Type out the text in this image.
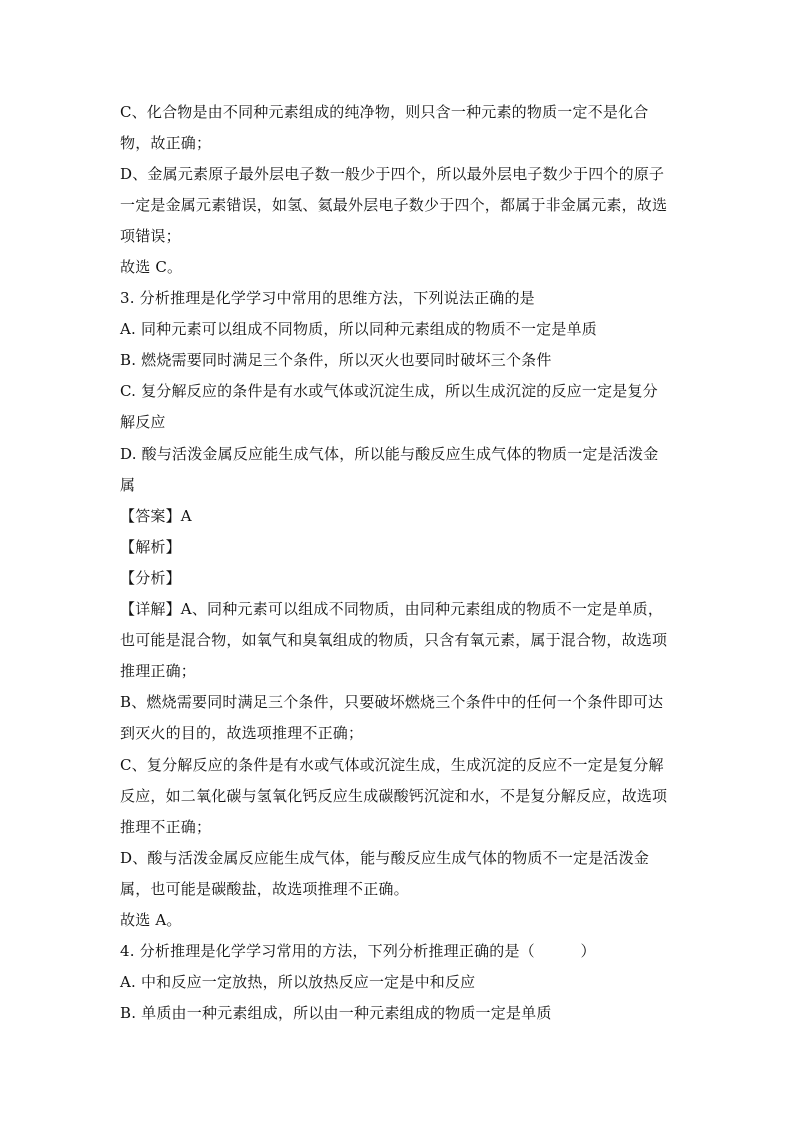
C、化合物是由不同种元素组成的纯净物，则只含一种元素的物质一定不是化合
物，故正确；
D、金属元素原子最外层电子数一般少于四个，所以最外层电子数少于四个的原子
一定是金属元素错误，如氢、氦最外层电子数少于四个，都属于非金属元素，故选
项错误；
故选 C。
3. 分析推理是化学学习中常用的思维方法，下列说法正确的是
A. 同种元素可以组成不同物质，所以同种元素组成的物质不一定是单质
B. 燃烧需要同时满足三个条件，所以灭火也要同时破坏三个条件
C. 复分解反应的条件是有水或气体或沉淀生成，所以生成沉淀的反应一定是复分
解反应
D. 酸与活泼金属反应能生成气体，所以能与酸反应生成气体的物质一定是活泼金
属
【答案】A
【解析】
【分析】
【详解】A、同种元素可以组成不同物质，由同种元素组成的物质不一定是单质，
也可能是混合物，如氧气和臭氧组成的物质，只含有氧元素，属于混合物，故选项
推理正确；
B、燃烧需要同时满足三个条件，只要破坏燃烧三个条件中的任何一个条件即可达
到灭火的目的，故选项推理不正确；
C、复分解反应的条件是有水或气体或沉淀生成，生成沉淀的反应不一定是复分解
反应，如二氧化碳与氢氧化钙反应生成碳酸钙沉淀和水，不是复分解反应，故选项
推理不正确；
D、酸与活泼金属反应能生成气体，能与酸反应生成气体的物质不一定是活泼金
属，也可能是碳酸盐，故选项推理不正确。
故选 A。
4. 分析推理是化学学习常用的方法，下列分析推理正确的是（　　　）
A. 中和反应一定放热，所以放热反应一定是中和反应
B. 单质由一种元素组成，所以由一种元素组成的物质一定是单质
